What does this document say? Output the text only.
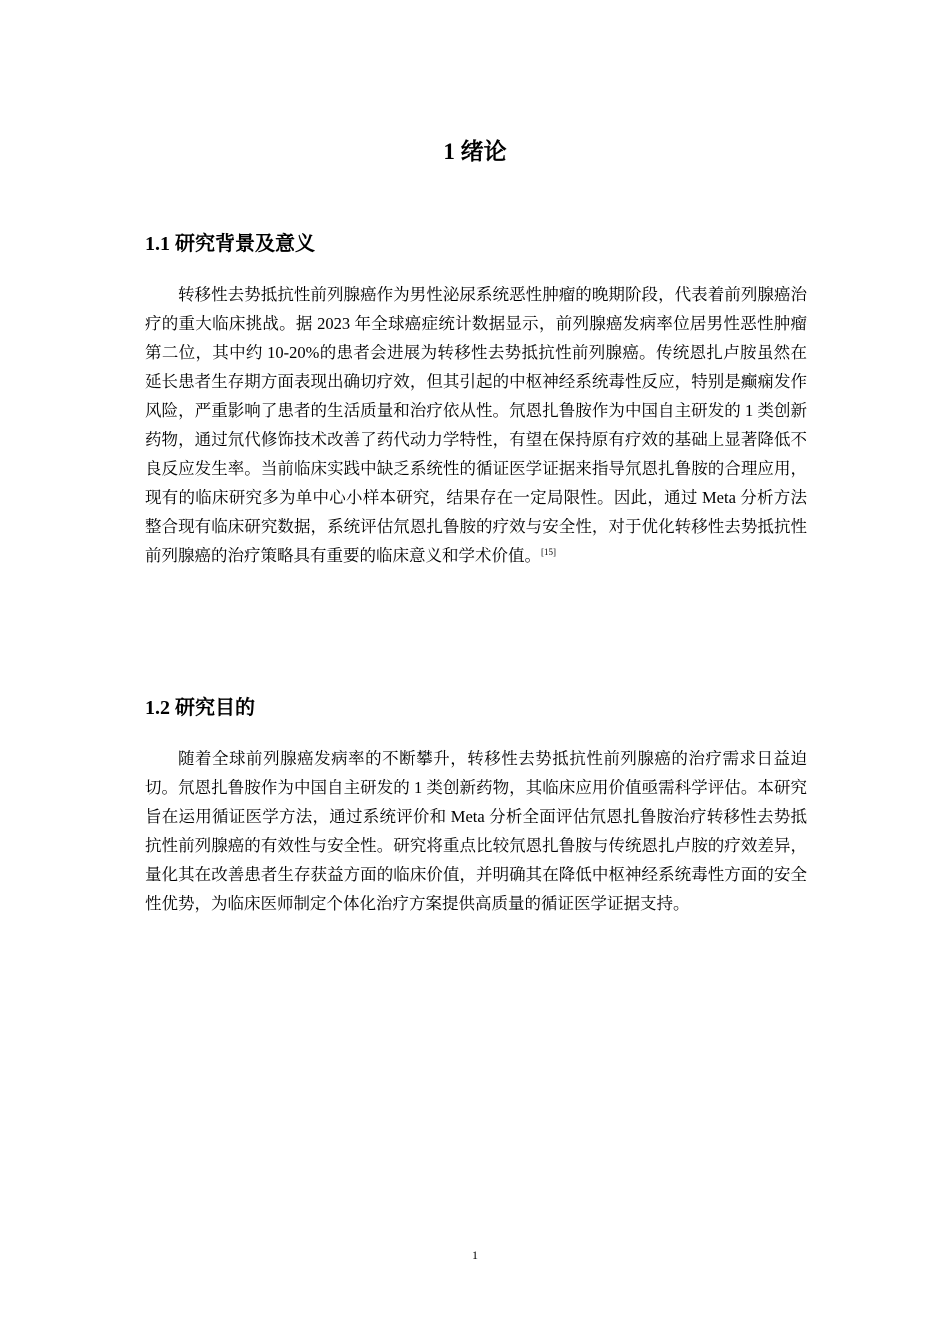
1 绪论
1.1 研究背景及意义

转移性去势抵抗性前列腺癌作为男性泌尿系统恶性肿瘤的晚期阶段，代表着前列腺癌治疗的重大临床挑战。据 2023 年全球癌症统计数据显示，前列腺癌发病率位居男性恶性肿瘤第二位，其中约 10-20%的患者会进展为转移性去势抵抗性前列腺癌。传统恩扎卢胺虽然在延长患者生存期方面表现出确切疗效，但其引起的中枢神经系统毒性反应，特别是癫痫发作风险，严重影响了患者的生活质量和治疗依从性。氘恩扎鲁胺作为中国自主研发的 1 类创新药物，通过氘代修饰技术改善了药代动力学特性，有望在保持原有疗效的基础上显著降低不良反应发生率。当前临床实践中缺乏系统性的循证医学证据来指导氘恩扎鲁胺的合理应用，现有的临床研究多为单中心小样本研究，结果存在一定局限性。因此，通过 Meta 分析方法整合现有临床研究数据，系统评估氘恩扎鲁胺的疗效与安全性，对于优化转移性去势抵抗性前列腺癌的治疗策略具有重要的临床意义和学术价值。[15]

1.2 研究目的

随着全球前列腺癌发病率的不断攀升，转移性去势抵抗性前列腺癌的治疗需求日益迫切。氘恩扎鲁胺作为中国自主研发的 1 类创新药物，其临床应用价值亟需科学评估。本研究旨在运用循证医学方法，通过系统评价和 Meta 分析全面评估氘恩扎鲁胺治疗转移性去势抵抗性前列腺癌的有效性与安全性。研究将重点比较氘恩扎鲁胺与传统恩扎卢胺的疗效差异，量化其在改善患者生存获益方面的临床价值，并明确其在降低中枢神经系统毒性方面的安全性优势，为临床医师制定个体化治疗方案提供高质量的循证医学证据支持。

1
